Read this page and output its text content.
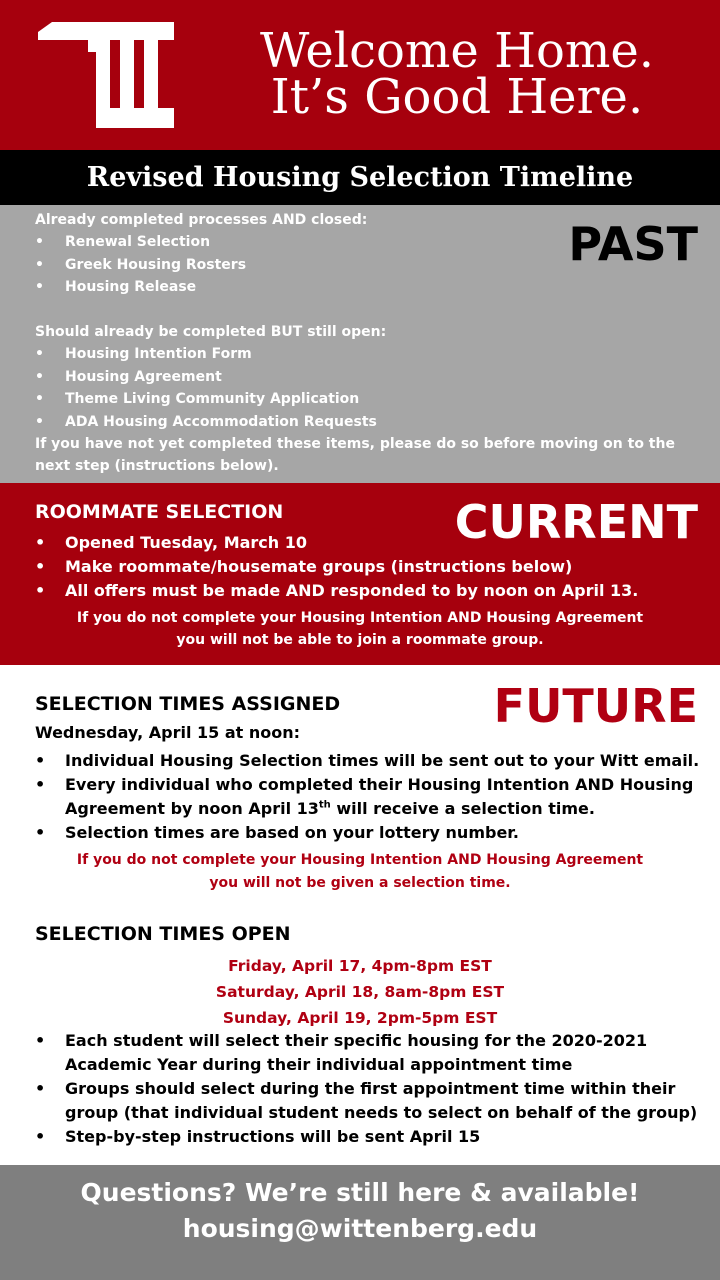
Welcome Home.
It’s Good Here.
Revised Housing Selection Timeline
PAST
Already completed processes AND closed:
• Renewal Selection
• Greek Housing Rosters
• Housing Release
Should already be completed BUT still open:
• Housing Intention Form
• Housing Agreement
• Theme Living Community Application
• ADA Housing Accommodation Requests
If you have not yet completed these items, please do so before moving on to the next step (instructions below).
CURRENT
ROOMMATE SELECTION
• Opened Tuesday, March 10
• Make roommate/housemate groups (instructions below)
• All offers must be made AND responded to by noon on April 13.
If you do not complete your Housing Intention AND Housing Agreement
you will not be able to join a roommate group.
FUTURE
SELECTION TIMES ASSIGNED
Wednesday, April 15 at noon:
• Individual Housing Selection times will be sent out to your Witt email.
• Every individual who completed their Housing Intention AND Housing Agreement by noon April 13th will receive a selection time.
• Selection times are based on your lottery number.
If you do not complete your Housing Intention AND Housing Agreement
you will not be given a selection time.
SELECTION TIMES OPEN
Friday, April 17, 4pm-8pm EST
Saturday, April 18, 8am-8pm EST
Sunday, April 19, 2pm-5pm EST
• Each student will select their specific housing for the 2020-2021 Academic Year during their individual appointment time
• Groups should select during the first appointment time within their group (that individual student needs to select on behalf of the group)
• Step-by-step instructions will be sent April 15
Questions? We’re still here & available!
housing@wittenberg.edu
